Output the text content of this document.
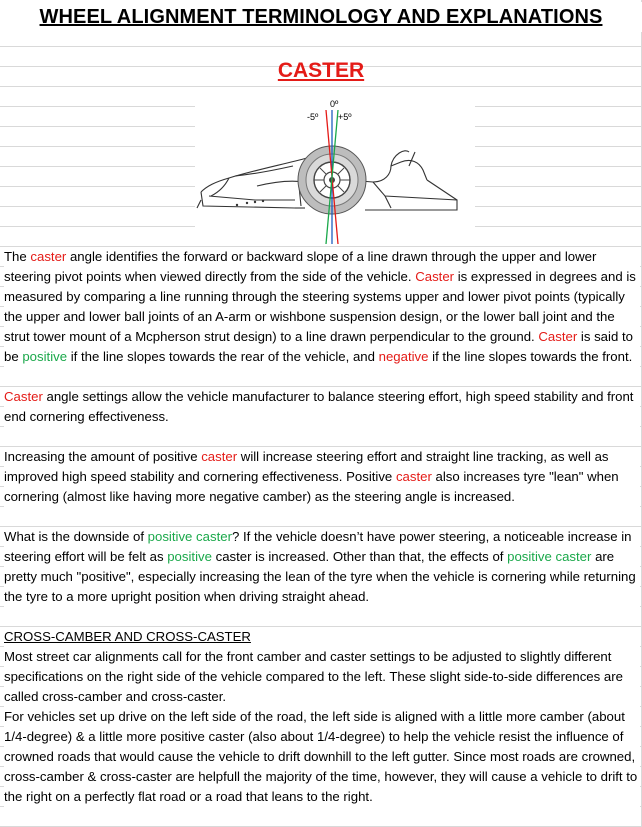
WHEEL ALIGNMENT TERMINOLOGY AND EXPLANATIONS
CASTER
0º
-5º +5º

The caster angle identifies the forward or backward slope of a line drawn through the upper and lower steering pivot points when viewed directly from the side of the vehicle. Caster is expressed in degrees and is measured by comparing a line running through the steering systems upper and lower pivot points (typically the upper and lower ball joints of an A-arm or wishbone suspension design, or the lower ball joint and the strut tower mount of a Mcpherson strut design) to a line drawn perpendicular to the ground. Caster is said to be positive if the line slopes towards the rear of the vehicle, and negative if the line slopes towards the front.

Caster angle settings allow the vehicle manufacturer to balance steering effort, high speed stability and front end cornering effectiveness.

Increasing the amount of positive caster will increase steering effort and straight line tracking, as well as improved high speed stability and cornering effectiveness. Positive caster also increases tyre "lean" when cornering (almost like having more negative camber) as the steering angle is increased.

What is the downside of positive caster? If the vehicle doesn’t have power steering, a noticeable increase in steering effort will be felt as positive caster is increased. Other than that, the effects of positive caster are pretty much "positive", especially increasing the lean of the tyre when the vehicle is cornering while returning the tyre to a more upright position when driving straight ahead.

CROSS-CAMBER AND CROSS-CASTER

Most street car alignments call for the front camber and caster settings to be adjusted to slightly different specifications on the right side of the vehicle compared to the left. These slight side-to-side differences are called cross-camber and cross-caster.

For vehicles set up drive on the left side of the road, the left side is aligned with a little more camber (about 1/4-degree) & a little more positive caster (also about 1/4-degree) to help the vehicle resist the influence of crowned roads that would cause the vehicle to drift downhill to the left gutter. Since most roads are crowned, cross-camber & cross-caster are helpfull the majority of the time, however, they will cause a vehicle to drift to the right on a perfectly flat road or a road that leans to the right.
